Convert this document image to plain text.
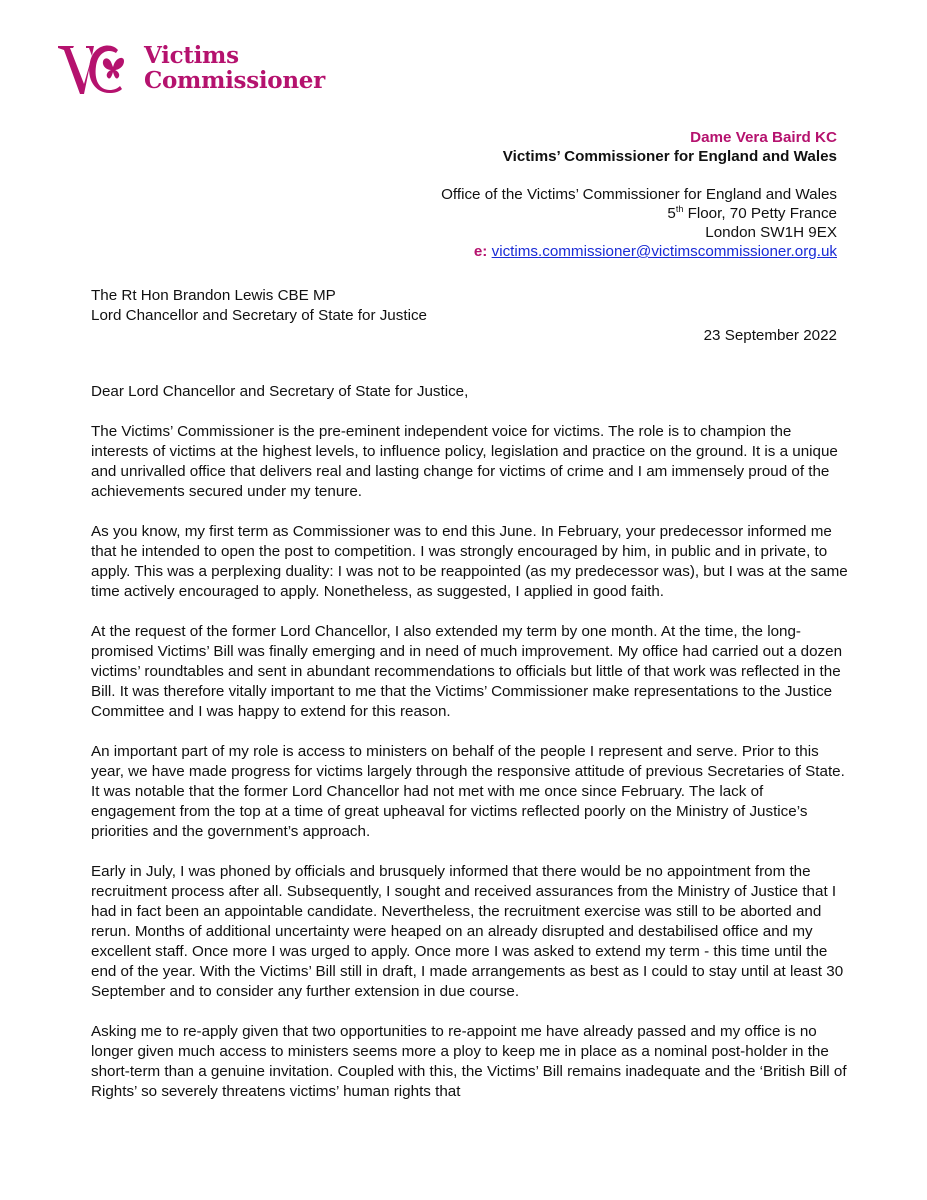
Victims
Commissioner
Dame Vera Baird KC
Victims’ Commissioner for England and Wales
Office of the Victims’ Commissioner for England and Wales
5th Floor, 70 Petty France
London SW1H 9EX
e: victims.commissioner@victimscommissioner.org.uk
The Rt Hon Brandon Lewis CBE MP
Lord Chancellor and Secretary of State for Justice
23 September 2022

Dear Lord Chancellor and Secretary of State for Justice,

The Victims’ Commissioner is the pre-eminent independent voice for victims. The role is to champion the interests of victims at the highest levels, to influence policy, legislation and practice on the ground. It is a unique and unrivalled office that delivers real and lasting change for victims of crime and I am immensely proud of the achievements secured under my tenure.

As you know, my first term as Commissioner was to end this June. In February, your predecessor informed me that he intended to open the post to competition. I was strongly encouraged by him, in public and in private, to apply. This was a perplexing duality: I was not to be reappointed (as my predecessor was), but I was at the same time actively encouraged to apply. Nonetheless, as suggested, I applied in good faith.

At the request of the former Lord Chancellor, I also extended my term by one month. At the time, the long-promised Victims’ Bill was finally emerging and in need of much improvement. My office had carried out a dozen victims’ roundtables and sent in abundant recommendations to officials but little of that work was reflected in the Bill. It was therefore vitally important to me that the Victims’ Commissioner make representations to the Justice Committee and I was happy to extend for this reason.

An important part of my role is access to ministers on behalf of the people I represent and serve. Prior to this year, we have made progress for victims largely through the responsive attitude of previous Secretaries of State. It was notable that the former Lord Chancellor had not met with me once since February. The lack of engagement from the top at a time of great upheaval for victims reflected poorly on the Ministry of Justice’s priorities and the government’s approach.

Early in July, I was phoned by officials and brusquely informed that there would be no appointment from the recruitment process after all. Subsequently, I sought and received assurances from the Ministry of Justice that I had in fact been an appointable candidate. Nevertheless, the recruitment exercise was still to be aborted and rerun. Months of additional uncertainty were heaped on an already disrupted and destabilised office and my excellent staff. Once more I was urged to apply. Once more I was asked to extend my term - this time until the end of the year. With the Victims’ Bill still in draft, I made arrangements as best as I could to stay until at least 30 September and to consider any further extension in due course.

Asking me to re-apply given that two opportunities to re-appoint me have already passed and my office is no longer given much access to ministers seems more a ploy to keep me in place as a nominal post-holder in the short-term than a genuine invitation. Coupled with this, the Victims’ Bill remains inadequate and the ‘British Bill of Rights’ so severely threatens victims’ human rights that
